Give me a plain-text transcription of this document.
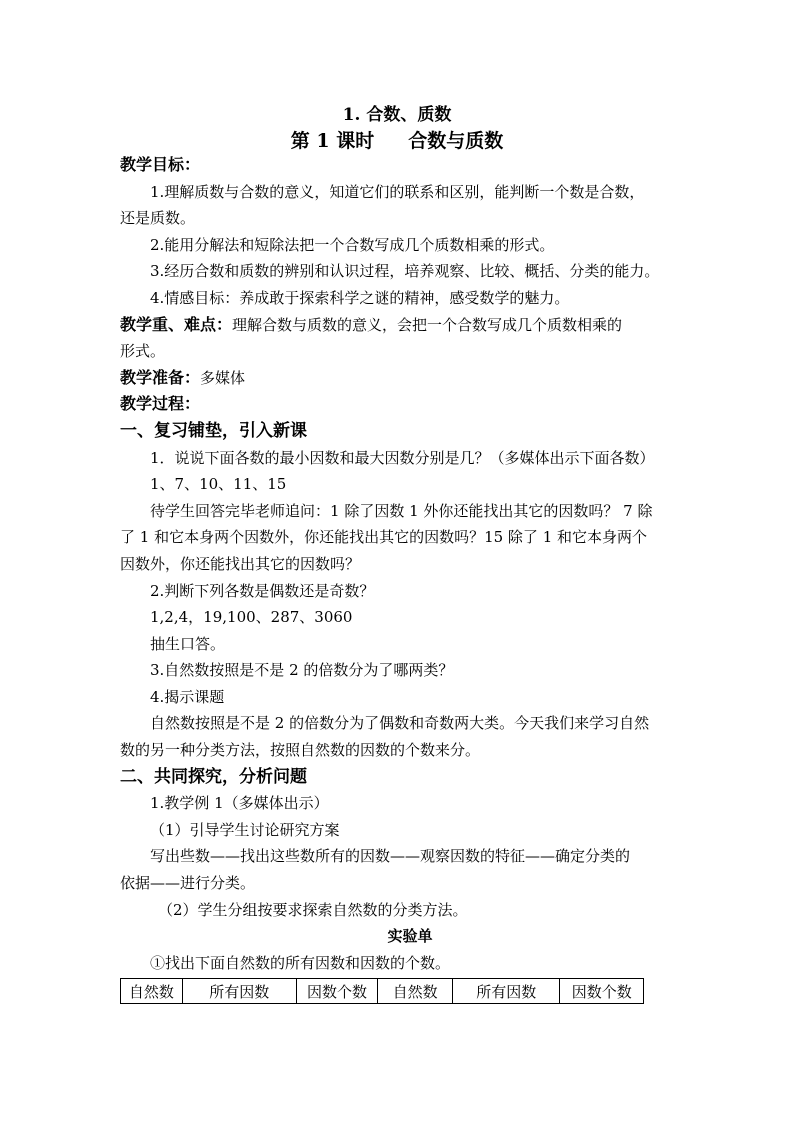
1. 合数、质数
第 1 课时 合数与质数
教学目标：
1.理解质数与合数的意义，知道它们的联系和区别，能判断一个数是合数，
还是质数。
2.能用分解法和短除法把一个合数写成几个质数相乘的形式。
3.经历合数和质数的辨别和认识过程，培养观察、比较、概括、分类的能力。
4.情感目标：养成敢于探索科学之谜的精神，感受数学的魅力。
教学重、难点：理解合数与质数的意义，会把一个合数写成几个质数相乘的
形式。
教学准备：多媒体
教学过程：
一、复习铺垫，引入新课
1．说说下面各数的最小因数和最大因数分别是几？（多媒体出示下面各数）
1、7、10、11、15
待学生回答完毕老师追问：1 除了因数 1 外你还能找出其它的因数吗？ 7 除
了 1 和它本身两个因数外，你还能找出其它的因数吗？15 除了 1 和它本身两个
因数外，你还能找出其它的因数吗？
2.判断下列各数是偶数还是奇数？
1,2,4，19,100、287、3060
抽生口答。
3.自然数按照是不是 2 的倍数分为了哪两类？
4.揭示课题
自然数按照是不是 2 的倍数分为了偶数和奇数两大类。今天我们来学习自然
数的另一种分类方法，按照自然数的因数的个数来分。
二、共同探究，分析问题
1.教学例 1（多媒体出示）
（1）引导学生讨论研究方案
写出些数——找出这些数所有的因数——观察因数的特征——确定分类的
依据——进行分类。
（2）学生分组按要求探索自然数的分类方法。
实验单
①找出下面自然数的所有因数和因数的个数。
自然数	所有因数	因数个数	自然数	所有因数	因数个数
